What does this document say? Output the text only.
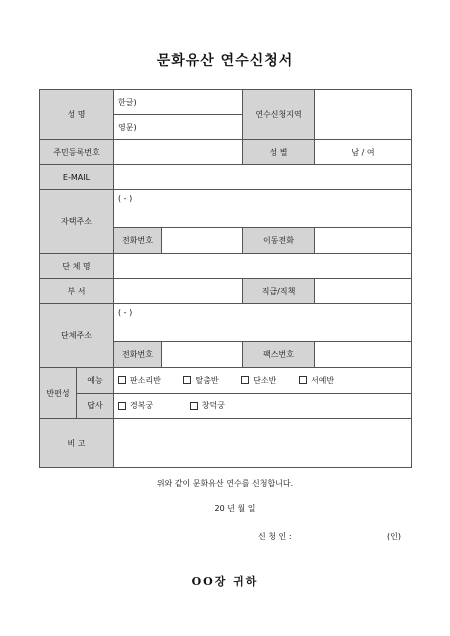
문화유산 연수신청서
성 명		한글)		연수신청지역	
		영문)			
주민등록번호				성 별	남 / 여
E-MAIL					
자택주소		( - )			
		전화번호		이동전화	
단 체 명					
부 서				직급/직책	
단체주소		( - )			
		전화번호		팩스번호	
반편성	예능	판소리반 탈춤반 단소반 서예반			
	답사	경복궁 창덕궁			
비 고					
위와 같이 문화유산 연수를 신청합니다.
20 년 월 일
신 청 인 :	(인)
OO장 귀하
